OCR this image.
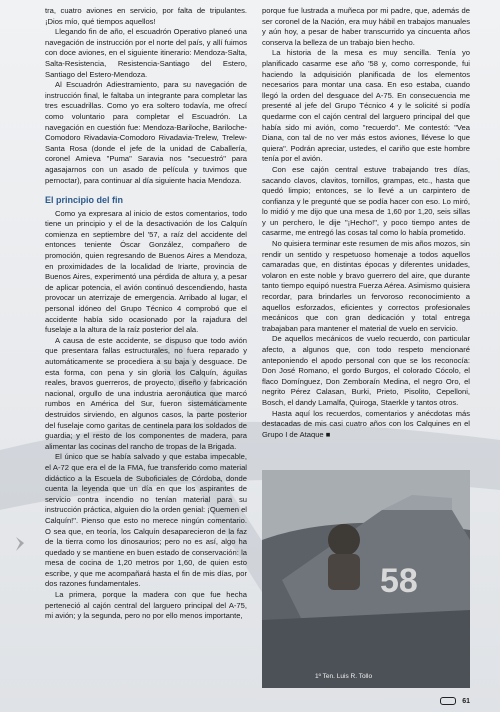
tra, cuatro aviones en servicio, por falta de tripulantes. ¡Dios mío, qué tiempos aquellos!

Llegando fin de año, el escuadrón Operativo planeó una navegación de instrucción por el norte del país, y allí fuimos con doce aviones, en el siguiente itinerario: Mendoza-Salta, Salta-Resistencia, Resistencia-Santiago del Estero, Santiago del Estero-Mendoza.

Al Escuadrón Adiestramiento, para su navegación de instrucción final, le faltaba un integrante para completar las tres escuadrillas. Como yo era soltero todavía, me ofrecí como voluntario para completar el Escuadrón. La navegación en cuestión fue: Mendoza-Bariloche, Bariloche-Comodoro Rivadavia-Comodoro Rivadavia-Trelew, Trelew-Santa Rosa (donde el jefe de la unidad de Caballería, coronel Amieva "Puma" Saravia nos "secuestró" para agasajarnos con un asado de película y tuvimos que pernoctar), para continuar al día siguiente hacia Mendoza.

El principio del fin

Como ya expresara al inicio de estos comentarios, todo tiene un principio y el de la desactivación de los Calquín comienza en septiembre del '57, a raíz del accidente del entonces teniente Óscar González, compañero de promoción, quien regresando de Buenos Aires a Mendoza, en proximidades de la localidad de Iriarte, provincia de Buenos Aires, experimentó una pérdida de altura y, a pesar de aplicar potencia, el avión continuó descendiendo, hasta provocar un aterrizaje de emergencia. Arribado al lugar, el personal idóneo del Grupo Técnico 4 comprobó que el accidente había sido ocasionado por la rajadura del fuselaje a la altura de la raíz posterior del ala.

A causa de este accidente, se dispuso que todo avión que presentara fallas estructurales, no fuera reparado y automáticamente se procediera a su baja y desguace. De esta forma, con pena y sin gloria los Calquín, águilas reales, bravos guerreros, de proyecto, diseño y fabricación nacional, orgullo de una industria aeronáutica que marcó rumbos en América del Sur, fueron sistemáticamente destruidos sirviendo, en algunos casos, la parte posterior del fuselaje como garitas de centinela para los soldados de guardia; y el resto de los componentes de madera, para alimentar las cocinas del rancho de tropas de la Brigada.

El único que se había salvado y que estaba impecable, el A-72 que era el de la FMA, fue transferido como material didáctico a la Escuela de Suboficiales de Córdoba, donde cuenta la leyenda que un día en que los aspirantes de servicio contra incendio no tenían material para su instrucción práctica, alguien dio la orden genial: ¡Quemen el Calquín!". Pienso que esto no merece ningún comentario. O sea que, en teoría, los Calquín desaparecieron de la faz de la tierra como los dinosaurios; pero no es así, algo ha quedado y se mantiene en buen estado de conservación: la mesa de cocina de 1,20 metros por 1,60, de quien esto escribe, y que me acompañará hasta el fin de mis días, por dos razones fundamentales.

La primera, porque la madera con que fue hecha perteneció al cajón central del larguero principal del A-75, mi avión; y la segunda, pero no por ello menos importante,

porque fue lustrada a muñeca por mi padre, que, además de ser coronel de la Nación, era muy hábil en trabajos manuales y aún hoy, a pesar de haber transcurrido ya cincuenta años conserva la belleza de un trabajo bien hecho.

La historia de la mesa es muy sencilla. Tenía yo planificado casarme ese año '58 y, como corresponde, fui haciendo la adquisición planificada de los elementos necesarios para montar una casa. En eso estaba, cuando llegó la orden del desguace del A-75. En consecuencia me presenté al jefe del Grupo Técnico 4 y le solicité si podía quedarme con el cajón central del larguero principal del que había sido mi avión, como "recuerdo". Me contestó: "Vea Diana, con tal de no ver más estos aviones, llévese lo que quiera". Podrán apreciar, ustedes, el cariño que este hombre tenía por el avión.

Con ese cajón central estuve trabajando tres días, sacando clavos, clavitos, tornillos, grampas, etc., hasta que quedó limpio; entonces, se lo llevé a un carpintero de confianza y le pregunté que se podía hacer con eso. Lo miró, lo midió y me dijo que una mesa de 1,60 por 1,20, seis sillas y un perchero, le dije "¡Hecho!", y poco tiempo antes de casarme, me entregó las cosas tal como lo había prometido.

No quisiera terminar este resumen de mis años mozos, sin rendir un sentido y respetuoso homenaje a todos aquellos camaradas que, en distintas épocas y diferentes unidades, volaron en este noble y bravo guerrero del aire, que durante tanto tiempo equipó nuestra Fuerza Aérea. Asimismo quisiera recordar, para brindarles un fervoroso reconocimiento a aquellos esforzados, eficientes y correctos profesionales mecánicos que con gran dedicación y total entrega trabajaban para mantener el material de vuelo en servicio.

De aquellos mecánicos de vuelo recuerdo, con particular afecto, a algunos que, con todo respeto mencionaré anteponiendo el apodo personal con que se los reconocía: Don José Romano, el gordo Burgos, el colorado Cócolo, el flaco Domínguez, Don Zemboraín Medina, el negro Oro, el negrito Pérez Calasan, Burki, Prieto, Pisolito, Cepelloni, Bosch, el dandy Lamalfa, Quiroga, Staerkle y tantos otros.

Hasta aquí los recuerdos, comentarios y anécdotas más destacadas de mis casi cuatro años con los Calquines en el Grupo I de Ataque ■

58
1º Ten. Luis R. Tollo
61
